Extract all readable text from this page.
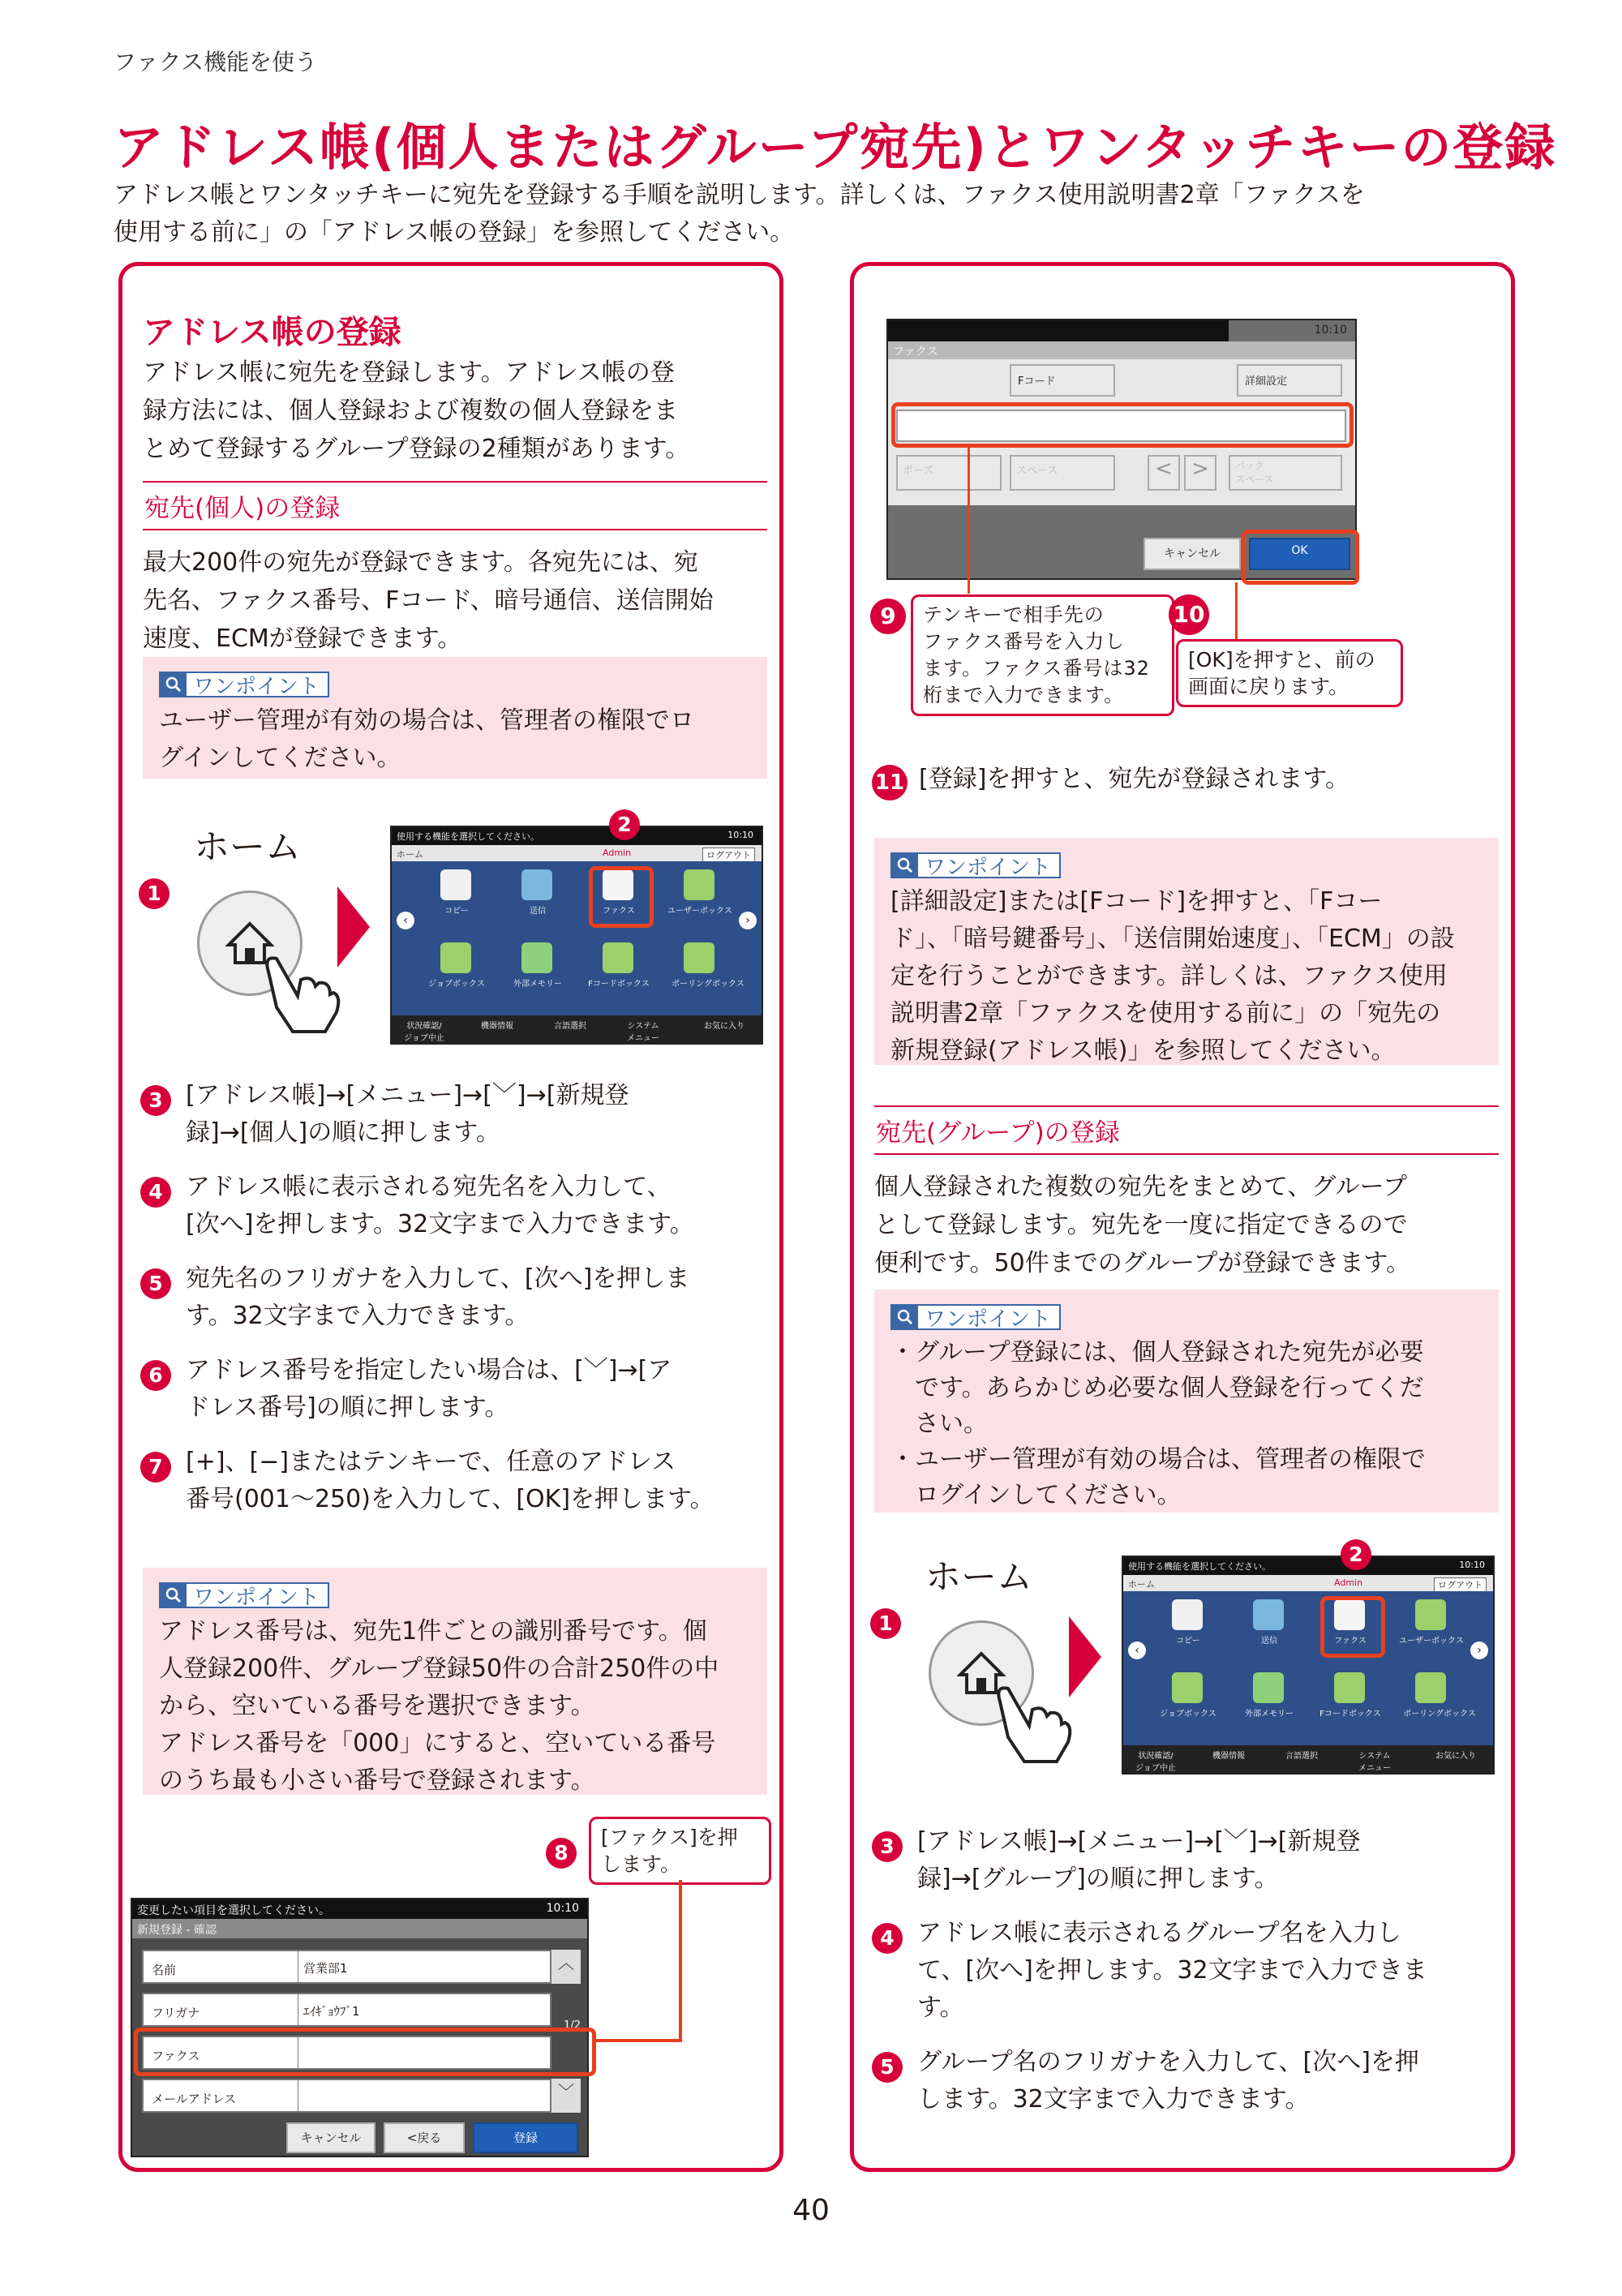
ファクス機能を使う
アドレス帳(個人またはグループ宛先)とワンタッチキーの登録
アドレス帳とワンタッチキーに宛先を登録する手順を説明します。詳しくは、ファクス使用説明書2章「ファクスを
使用する前に」の「アドレス帳の登録」を参照してください。
アドレス帳の登録
アドレス帳に宛先を登録します。アドレス帳の登
録方法には、個人登録および複数の個人登録をま
とめて登録するグループ登録の2種類があります。
宛先(個人)の登録
最大200件の宛先が登録できます。各宛先には、宛
先名、ファクス番号、Fコード、暗号通信、送信開始
速度、ECMが登録できます。
ワンポイント
ユーザー管理が有効の場合は、管理者の権限でロ
グインしてください。
ホーム
1
使用する機能を選択してください。	10:10
ホーム	Admin	ログアウト
コピー	送信	ファクス	ユーザーボックス
ジョブボックス	外部メモリー	Fコードボックス	ポーリングボックス
‹	›
状況確認/
ジョブ中止
機器情報	言語選択	システム
メニュー
お気に入り
2
3 [アドレス帳]→[メニュー]→[﹀]→[新規登
録]→[個人]の順に押します。
4 アドレス帳に表示される宛先名を入力して、
[次へ]を押します。32文字まで入力できます。
5 宛先名のフリガナを入力して、[次へ]を押しま
す。32文字まで入力できます。
6 アドレス番号を指定したい場合は、[﹀]→[ア
ドレス番号]の順に押します。
7 [+]、[−]またはテンキーで、任意のアドレス
番号(001〜250)を入力して、[OK]を押します。
ワンポイント
アドレス番号は、宛先1件ごとの識別番号です。個
人登録200件、グループ登録50件の合計250件の中
から、空いている番号を選択できます。
アドレス番号を「000」にすると、空いている番号
のうち最も小さい番号で登録されます。
8
[ファクス]を押
します。
変更したい項目を選択してください。	10:10
新規登録 - 確認
名前	営業部1
フリガナ	ｴｲｷﾞｮｳﾌﾞ1
ファクス
メールアドレス
︿
1/2
﹀
キャンセル	<戻る	登録
10:10
ファクス
Fコード	詳細設定
ポーズ	スペース	< >	バック
スペース
キャンセル	OK
9	テンキーで相手先の
ファクス番号を入力し
ます。ファクス番号は32
桁まで入力できます。
10
[OK]を押すと、前の
画面に戻ります。
11 [登録]を押すと、宛先が登録されます。
ワンポイント
[詳細設定]または[Fコード]を押すと、「Fコー
ド」、「暗号鍵番号」、「送信開始速度」、「ECM」の設
定を行うことができます。詳しくは、ファクス使用
説明書2章「ファクスを使用する前に」の「宛先の
新規登録(アドレス帳)」を参照してください。
宛先(グループ)の登録
個人登録された複数の宛先をまとめて、グループ
として登録します。宛先を一度に指定できるので
便利です。50件までのグループが登録できます。
ワンポイント
・グループ登録には、個人登録された宛先が必要
　です。あらかじめ必要な個人登録を行ってくだ
　さい。
・ユーザー管理が有効の場合は、管理者の権限で
　ログインしてください。
ホーム
1
使用する機能を選択してください。	10:10
ホーム	Admin	ログアウト
コピー	送信	ファクス	ユーザーボックス
ジョブボックス	外部メモリー	Fコードボックス	ポーリングボックス
‹	›
状況確認/
ジョブ中止
機器情報	言語選択	システム
メニュー
お気に入り
2
3 [アドレス帳]→[メニュー]→[﹀]→[新規登
録]→[グループ]の順に押します。
4 アドレス帳に表示されるグループ名を入力し
て、[次へ]を押します。32文字まで入力できま
す。
5 グループ名のフリガナを入力して、[次へ]を押
します。32文字まで入力できます。
40
